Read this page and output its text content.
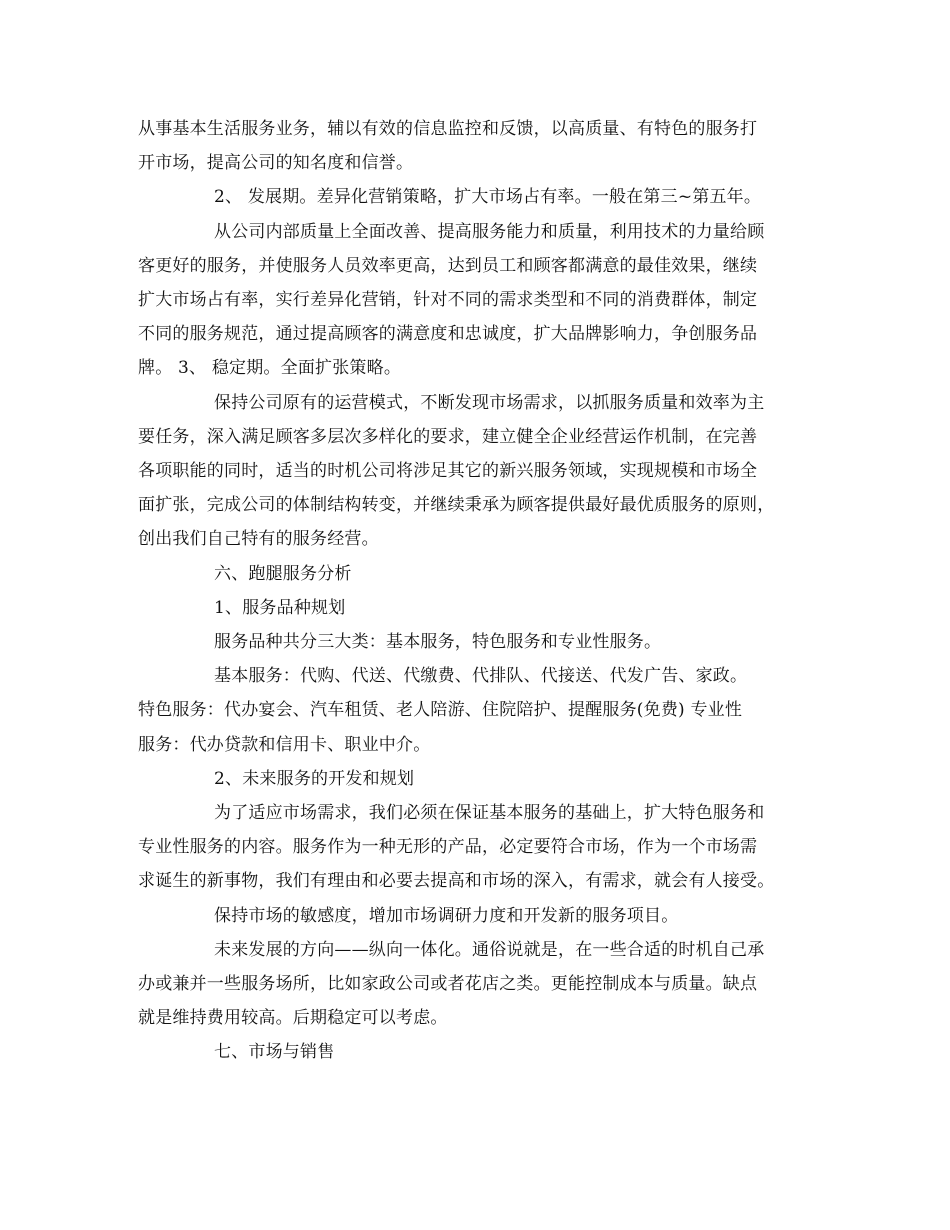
从事基本生活服务业务，辅以有效的信息监控和反馈，以高质量、有特色的服务打

开市场，提高公司的知名度和信誉。

2、 发展期。差异化营销策略，扩大市场占有率。一般在第三~第五年。

从公司内部质量上全面改善、提高服务能力和质量，利用技术的力量给顾

客更好的服务，并使服务人员效率更高，达到员工和顾客都满意的最佳效果，继续

扩大市场占有率，实行差异化营销，针对不同的需求类型和不同的消费群体，制定

不同的服务规范，通过提高顾客的满意度和忠诚度，扩大品牌影响力，争创服务品

牌。 3、 稳定期。全面扩张策略。

保持公司原有的运营模式，不断发现市场需求，以抓服务质量和效率为主

要任务，深入满足顾客多层次多样化的要求，建立健全企业经营运作机制，在完善

各项职能的同时，适当的时机公司将涉足其它的新兴服务领域，实现规模和市场全

面扩张，完成公司的体制结构转变，并继续秉承为顾客提供最好最优质服务的原则，

创出我们自己特有的服务经营。

六、跑腿服务分析

1、服务品种规划

服务品种共分三大类：基本服务，特色服务和专业性服务。

基本服务：代购、代送、代缴费、代排队、代接送、代发广告、家政。

特色服务：代办宴会、汽车租赁、老人陪游、住院陪护、提醒服务(免费) 专业性

服务：代办贷款和信用卡、职业中介。

2、未来服务的开发和规划

为了适应市场需求，我们必须在保证基本服务的基础上，扩大特色服务和

专业性服务的内容。服务作为一种无形的产品，必定要符合市场，作为一个市场需

求诞生的新事物，我们有理由和必要去提高和市场的深入，有需求，就会有人接受。

保持市场的敏感度，增加市场调研力度和开发新的服务项目。

未来发展的方向——纵向一体化。通俗说就是，在一些合适的时机自己承

办或兼并一些服务场所，比如家政公司或者花店之类。更能控制成本与质量。缺点

就是维持费用较高。后期稳定可以考虑。

七、市场与销售
